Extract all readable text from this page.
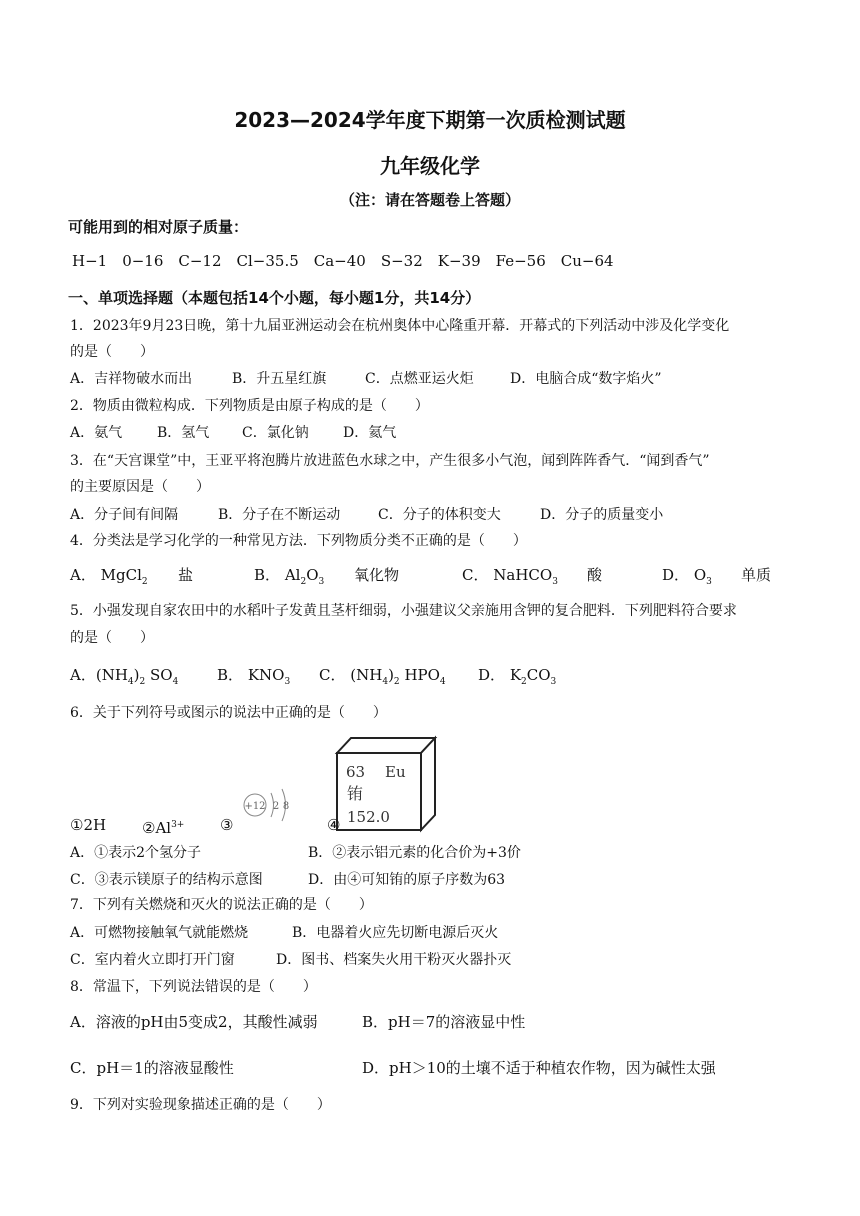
2023—2024学年度下期第一次质检测试题
九年级化学
（注：请在答题卷上答题）
可能用到的相对原子质量：
H−1　0−16　C−12　Cl−35.5　Ca−40　S−32　K−39　Fe−56　Cu−64
一、单项选择题（本题包括14个小题，每小题1分，共14分）
1．2023年9月23日晚，第十九届亚洲运动会在杭州奥体中心隆重开幕．开幕式的下列活动中涉及化学变化
的是（　　）
A．吉祥物破水而出	B．升五星红旗	C．点燃亚运火炬	D．电脑合成“数字焰火”
2．物质由微粒构成．下列物质是由原子构成的是（　　）
A．氨气 B．氢气 C．氯化钠 D．氦气
3．在“天宫课堂”中，王亚平将泡腾片放进蓝色水球之中，产生很多小气泡，闻到阵阵香气．“闻到香气”
的主要原因是（　　）
A．分子间有间隔	B．分子在不断运动	C．分子的体积变大	D．分子的质量变小
4．分类法是学习化学的一种常见方法．下列物质分类不正确的是（　　）
A． MgCl$_2$ 盐	B． $Al_2O_3$ 氧化物	C． NaHCO$_3$ 酸	D． $O_3$ 单质
5．小强发现自家农田中的水稻叶子发黄且茎杆细弱，小强建议父亲施用含钾的复合肥料．下列肥料符合要求
的是（　　）
A．$(NH_4)_2$ $SO_4$	B． $KNO_3$ C． $(NH_4)_2$ $HPO_4$ D． $K_2CO_3$
6．关于下列符号或图示的说法中正确的是（　　）
+12 2 8
63 Eu
铕
152.0
①2H $②Al^{3+}$ ③	④
A．①表示2个氢分子	B．②表示铝元素的化合价为+3价
C．③表示镁原子的结构示意图	D．由④可知铕的原子序数为63
7．下列有关燃烧和灭火的说法正确的是（　　）
A．可燃物接触氧气就能燃烧	B．电器着火应先切断电源后灭火
C．室内着火立即打开门窗	D．图书、档案失火用干粉灭火器扑灭
8．常温下，下列说法错误的是（　　）
A．溶液的pH由5变成2，其酸性减弱	B．pH＝7的溶液显中性
C．pH＝1的溶液显酸性	D．pH＞10的土壤不适于种植农作物，因为碱性太强
9．下列对实验现象描述正确的是（　　）
